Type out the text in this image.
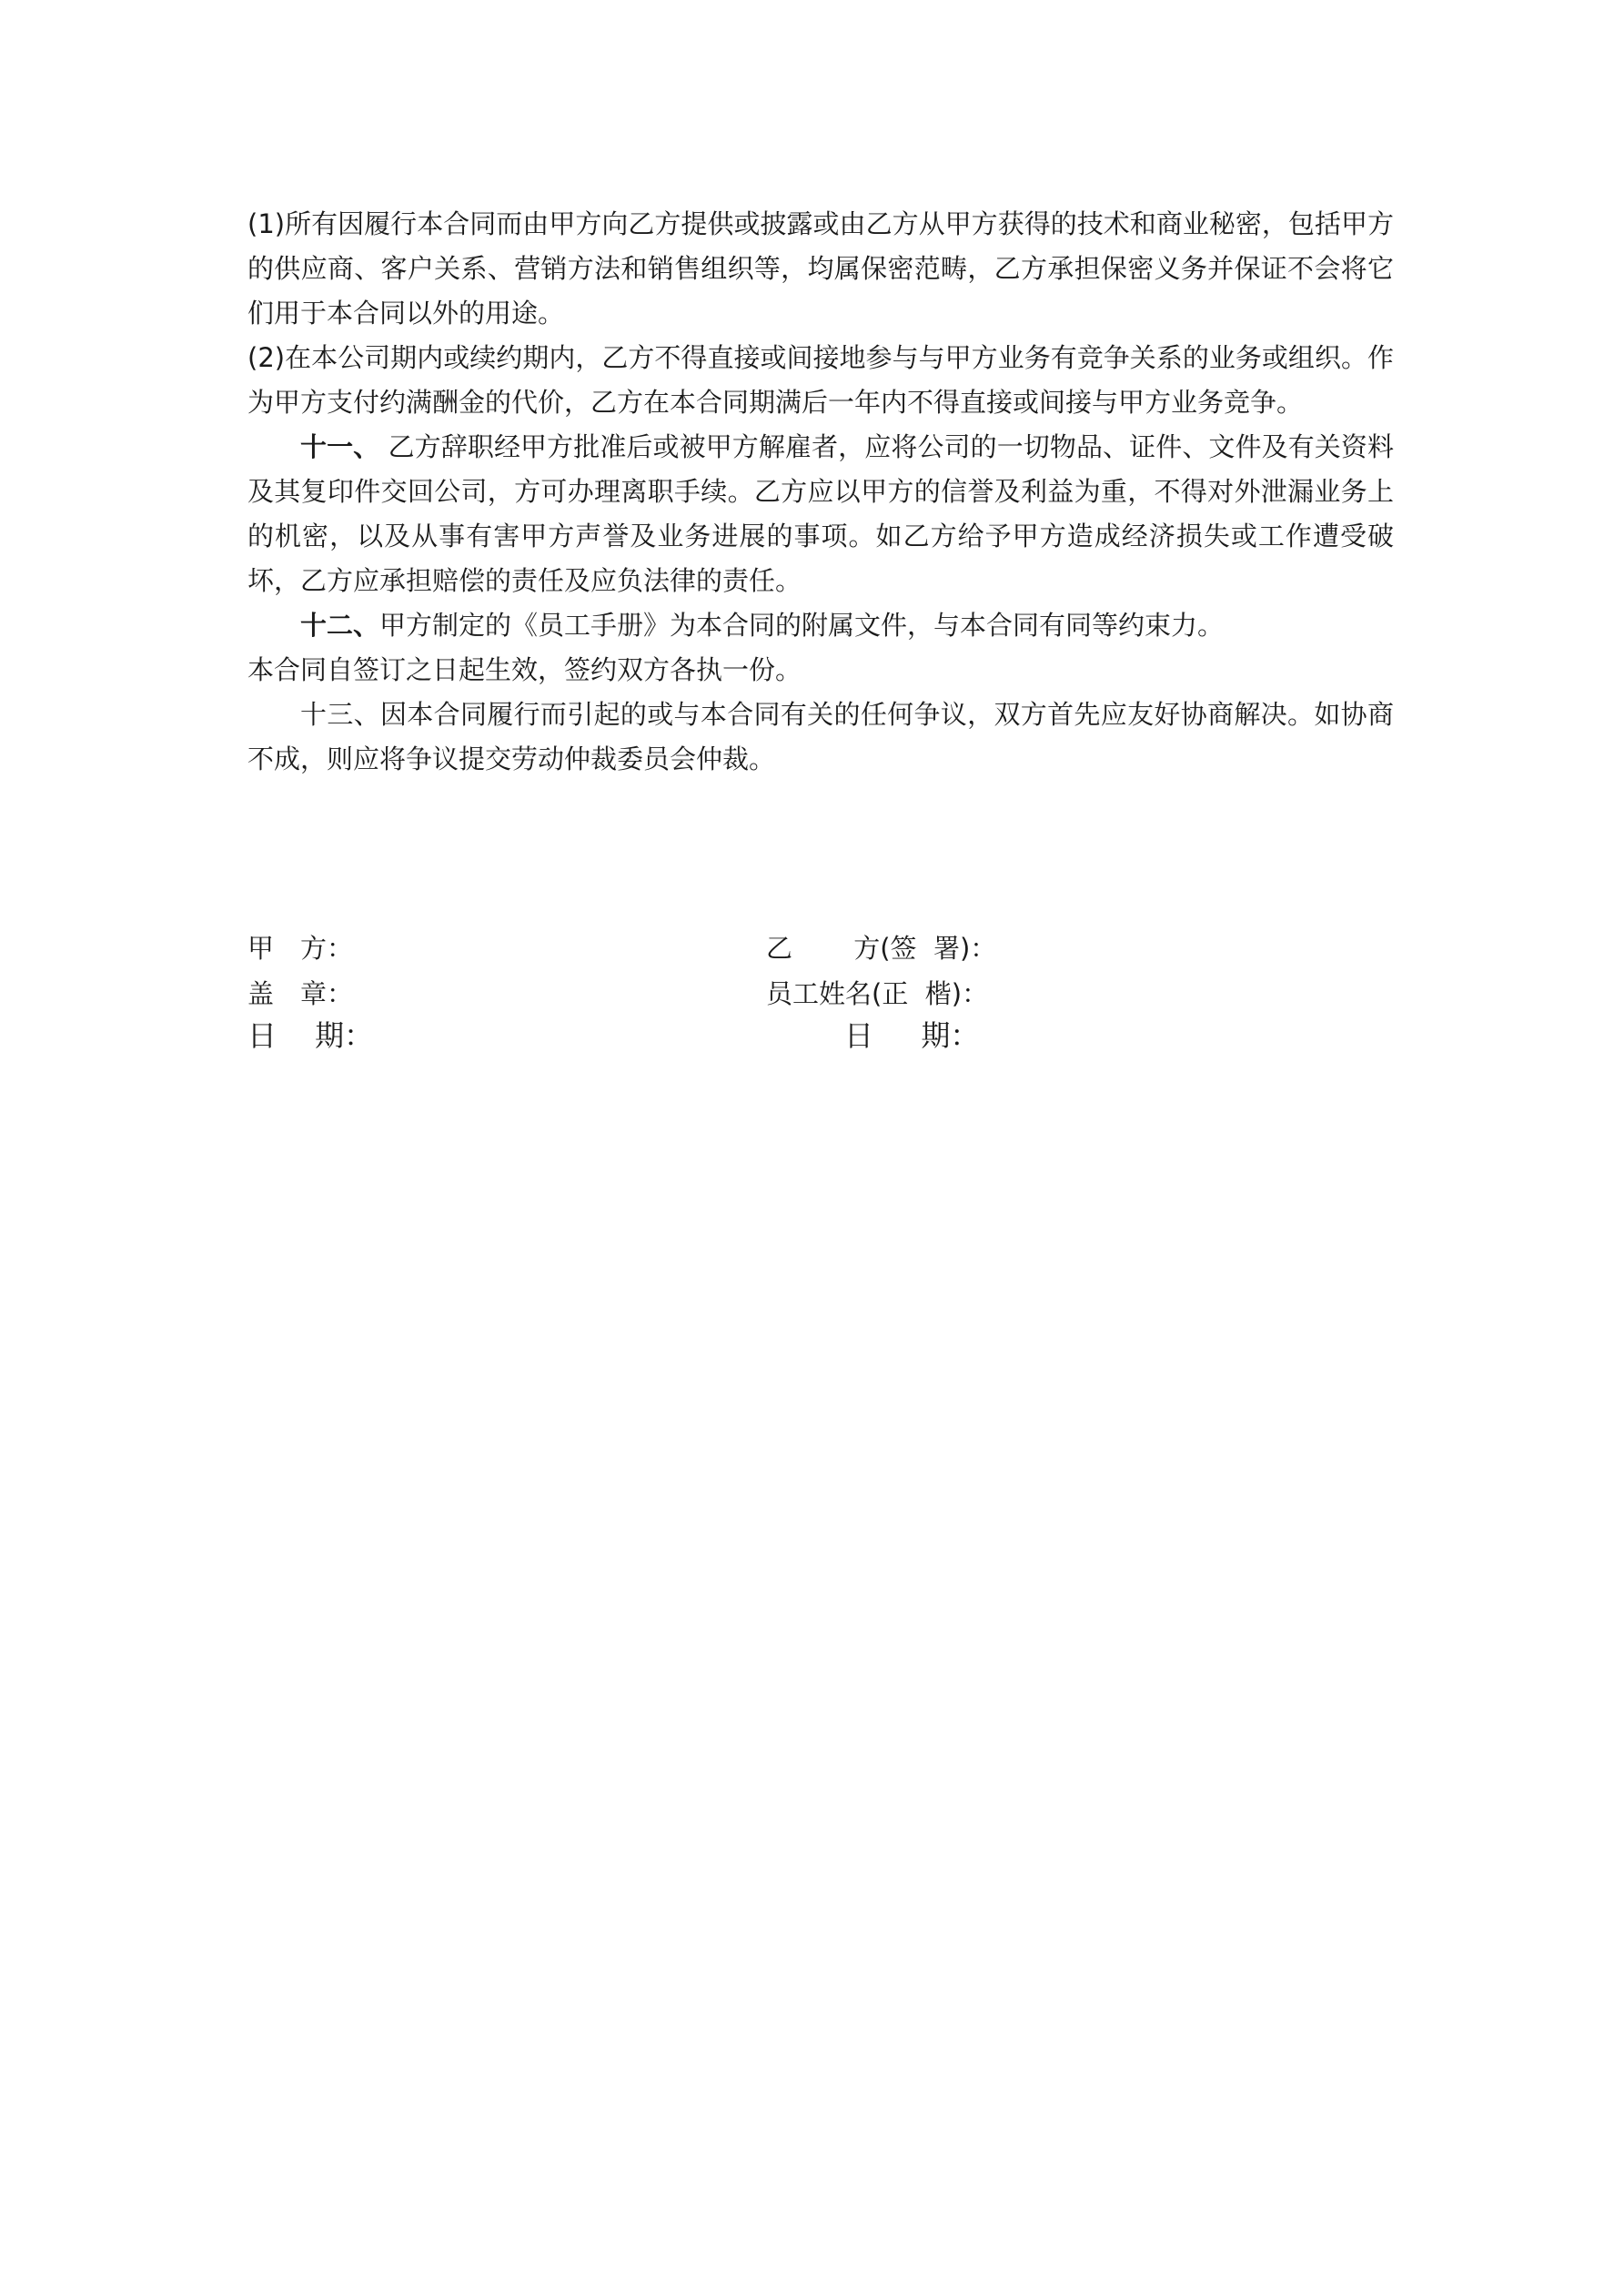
(1)所有因履行本合同而由甲方向乙方提供或披露或由乙方从甲方获得的技术和商业秘密，包括甲方的供应商、客户关系、营销方法和销售组织等，均属保密范畴，乙方承担保密义务并保证不会将它们用于本合同以外的用途。

(2)在本公司期内或续约期内，乙方不得直接或间接地参与与甲方业务有竞争关系的业务或组织。作为甲方支付约满酬金的代价，乙方在本合同期满后一年内不得直接或间接与甲方业务竞争。

十一、 乙方辞职经甲方批准后或被甲方解雇者，应将公司的一切物品、证件、文件及有关资料及其复印件交回公司，方可办理离职手续。乙方应以甲方的信誉及利益为重，不得对外泄漏业务上的机密，以及从事有害甲方声誉及业务进展的事项。如乙方给予甲方造成经济损失或工作遭受破坏，乙方应承担赔偿的责任及应负法律的责任。

十二、甲方制定的《员工手册》为本合同的附属文件，与本合同有同等约束力。

本合同自签订之日起生效，签约双方各执一份。

十三、因本合同履行而引起的或与本合同有关的任何争议，双方首先应友好协商解决。如协商不成，则应将争议提交劳动仲裁委员会仲裁。

甲　方：
盖　章：
日　 期：
乙　　 方(签  署)：
员工姓名(正  楷)：
日　  期：
